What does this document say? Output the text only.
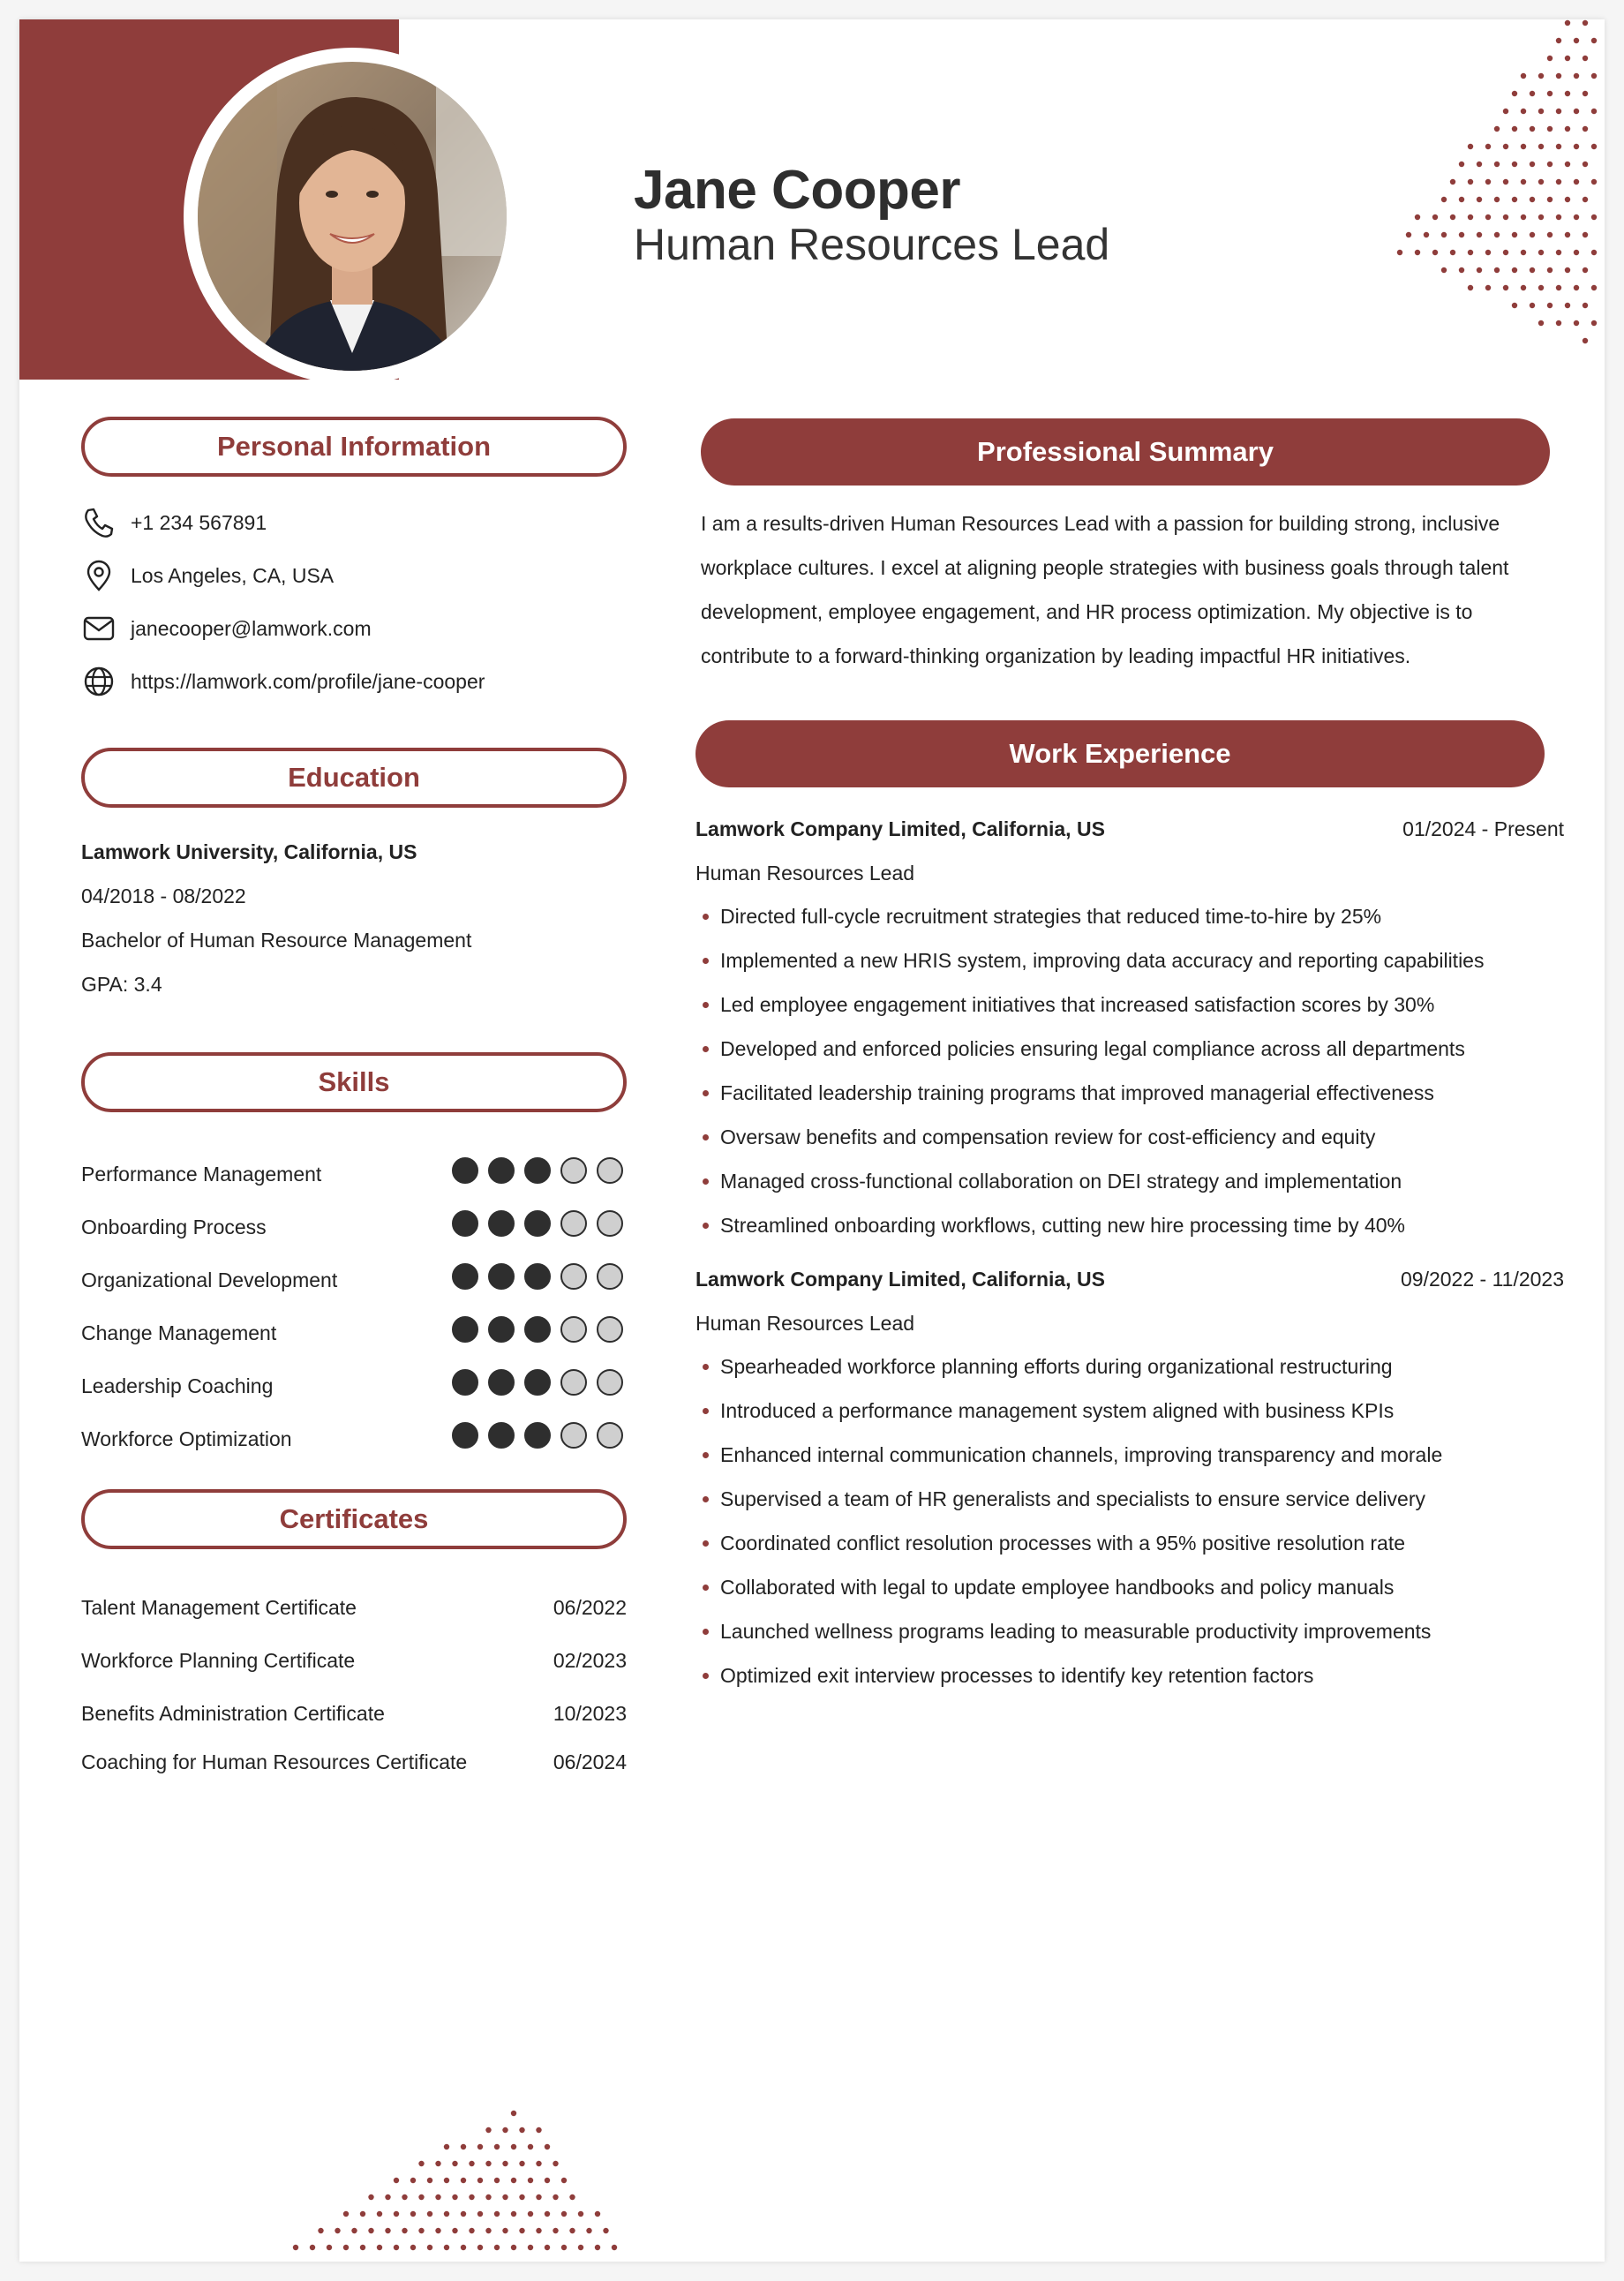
Jane Cooper
Human Resources Lead
Personal Information
+1 234 567891
Los Angeles, CA, USA
janecooper@lamwork.com
https://lamwork.com/profile/jane-cooper
Education
Lamwork University, California, US
04/2018 - 08/2022
Bachelor of Human Resource Management
GPA: 3.4
Skills
Performance Management
Onboarding Process
Organizational Development
Change Management
Leadership Coaching
Workforce Optimization
Certificates
Talent Management Certificate	06/2022
Workforce Planning Certificate	02/2023
Benefits Administration Certificate	10/2023
Coaching for Human Resources Certificate	06/2024
Professional Summary
I am a results-driven Human Resources Lead with a passion for building strong, inclusive workplace cultures. I excel at aligning people strategies with business goals through talent development, employee engagement, and HR process optimization. My objective is to contribute to a forward-thinking organization by leading impactful HR initiatives.
Work Experience
Lamwork Company Limited, California, US	01/2024 - Present
Human Resources Lead
Directed full-cycle recruitment strategies that reduced time-to-hire by 25%
Implemented a new HRIS system, improving data accuracy and reporting capabilities
Led employee engagement initiatives that increased satisfaction scores by 30%
Developed and enforced policies ensuring legal compliance across all departments
Facilitated leadership training programs that improved managerial effectiveness
Oversaw benefits and compensation review for cost-efficiency and equity
Managed cross-functional collaboration on DEI strategy and implementation
Streamlined onboarding workflows, cutting new hire processing time by 40%
Lamwork Company Limited, California, US	09/2022 - 11/2023
Human Resources Lead
Spearheaded workforce planning efforts during organizational restructuring
Introduced a performance management system aligned with business KPIs
Enhanced internal communication channels, improving transparency and morale
Supervised a team of HR generalists and specialists to ensure service delivery
Coordinated conflict resolution processes with a 95% positive resolution rate
Collaborated with legal to update employee handbooks and policy manuals
Launched wellness programs leading to measurable productivity improvements
Optimized exit interview processes to identify key retention factors
